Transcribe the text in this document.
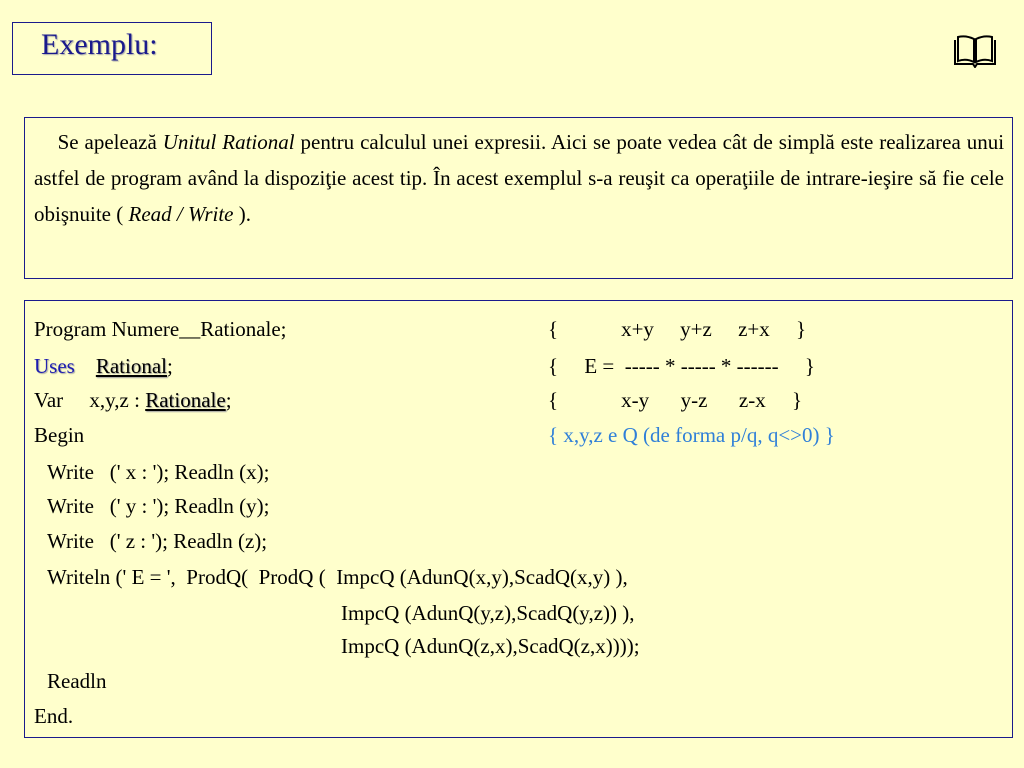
Exemplu:
Se apelează Unitul Rational pentru calculul unei expresii. Aici se poate vedea cât de simplă este realizarea unui astfel de program având la dispoziţie acest tip. În acest exemplul s-a reuşit ca operaţiile de intrare-ieşire să fie cele obişnuite ( Read / Write ).
Program Numere__Rationale;
Uses Rational;
Var     x,y,z : Rationale;
Begin
Write   (' x : '); Readln (x);
Write   (' y : '); Readln (y);
Write   (' z : '); Readln (z);
Writeln (' E = ',  ProdQ(  ProdQ (  ImpcQ (AdunQ(x,y),ScadQ(x,y) ),
ImpcQ (AdunQ(y,z),ScadQ(y,z)) ),
ImpcQ (AdunQ(z,x),ScadQ(z,x))));
Readln
End.
{            x+y     y+z     z+x     }
{     E =  ----- * ----- * ------     }
{            x-y      y-z      z-x     }
{ x,y,z e Q (de forma p/q, q<>0) }
